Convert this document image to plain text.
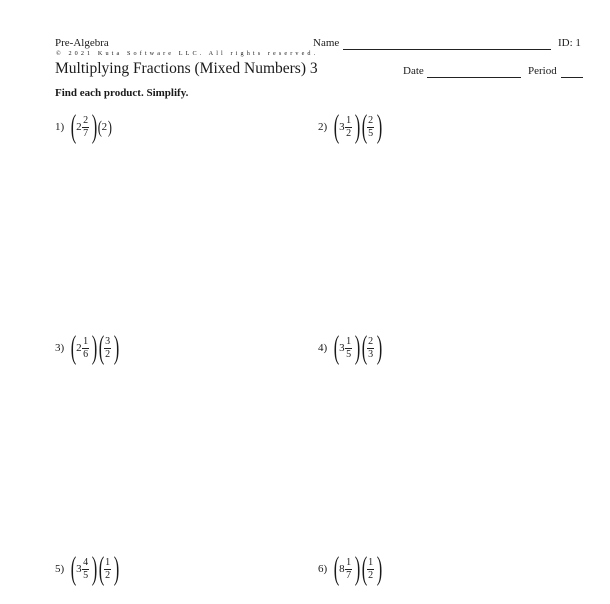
Pre-Algebra	Name	ID: 1
© 2021 Kuta Software LLC. All rights reserved.
Multiplying Fractions (Mixed Numbers) 3	Date	Period
Find each product. Simplify.
1) ( $2 \frac{2}{7}$ ) ( 2 )	2) ( $3 \frac{1}{2}$ ) ( $\frac{2}{5}$ )
3) ( $2 \frac{1}{6}$ ) ( $\frac{3}{2}$ )	4) ( $3 \frac{1}{5}$ ) ( $\frac{2}{3}$ )
5) ( $3 \frac{4}{5}$ ) ( $\frac{1}{2}$ )	6) ( $8 \frac{1}{7}$ ) ( $\frac{1}{2}$ )
